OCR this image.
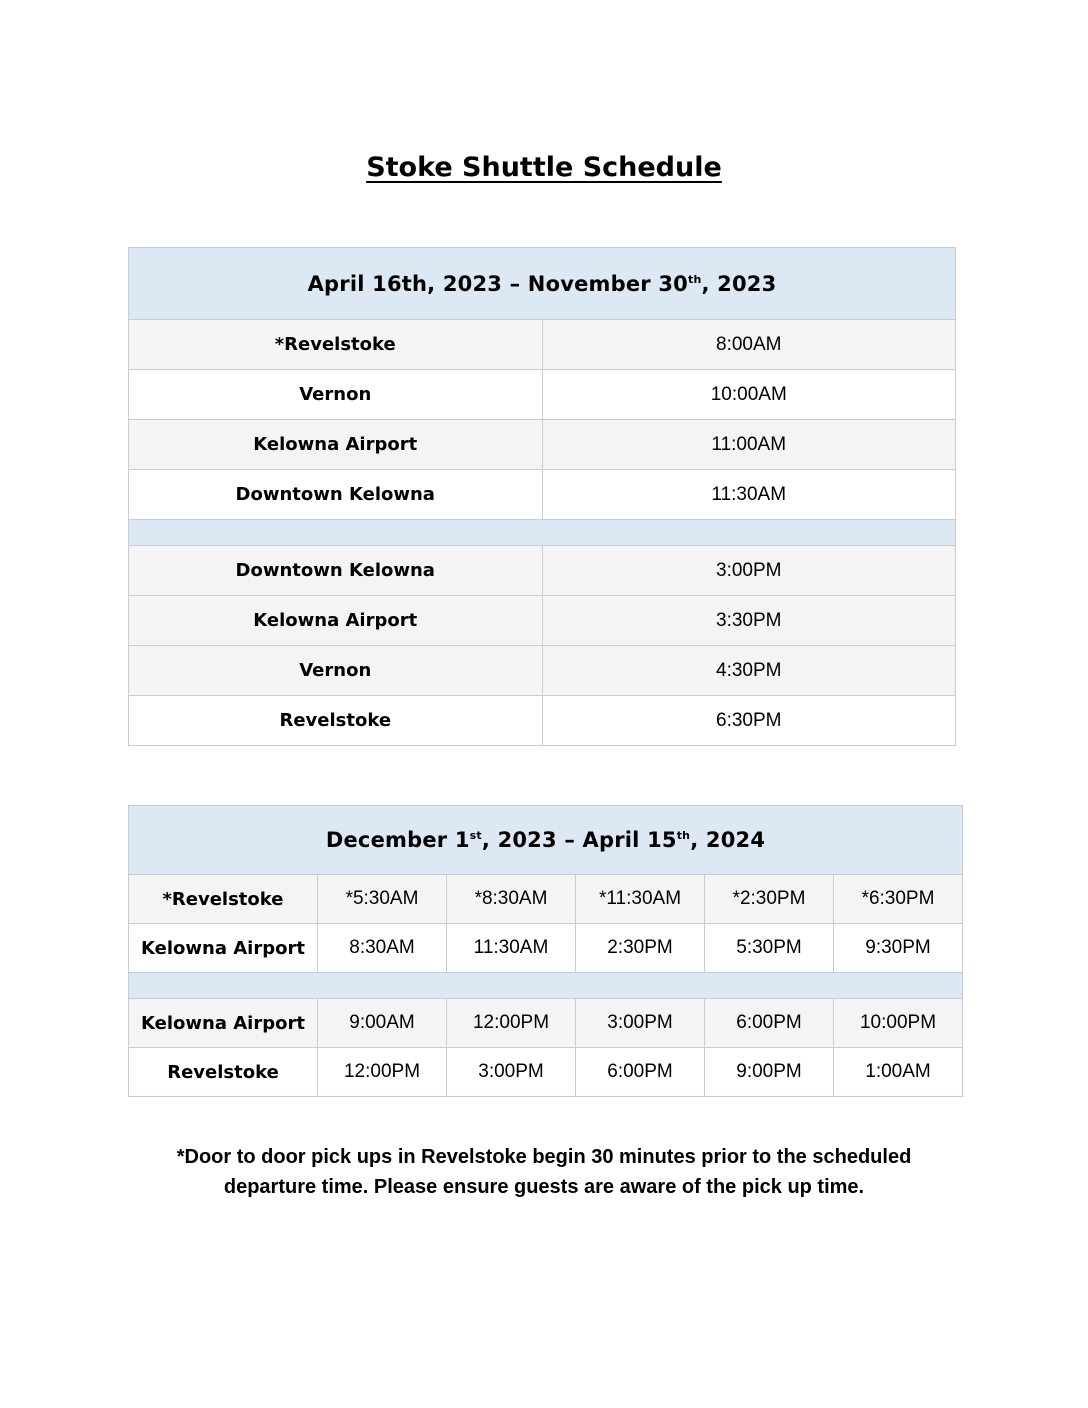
Stoke Shuttle Schedule
April 16th, 2023 – November 30th, 2023	
*Revelstoke	8:00AM
Vernon	10:00AM
Kelowna Airport	11:00AM
Downtown Kelowna	11:30AM

Downtown Kelowna	3:00PM
Kelowna Airport	3:30PM
Vernon	4:30PM
Revelstoke	6:30PM
December 1st, 2023 – April 15th, 2024					
*Revelstoke	*5:30AM	*8:30AM	*11:30AM	*2:30PM	*6:30PM
Kelowna Airport	8:30AM	11:30AM	2:30PM	5:30PM	9:30PM

Kelowna Airport	9:00AM	12:00PM	3:00PM	6:00PM	10:00PM
Revelstoke	12:00PM	3:00PM	6:00PM	9:00PM	1:00AM
*Door to door pick ups in Revelstoke begin 30 minutes prior to the scheduled
departure time. Please ensure guests are aware of the pick up time.
